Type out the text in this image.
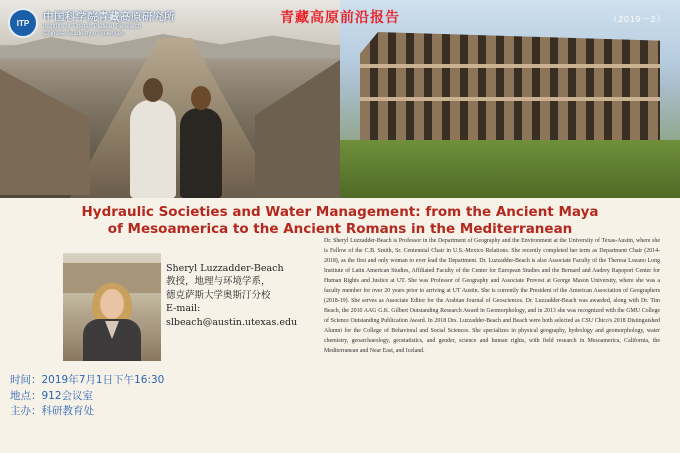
ITP
中国科学院青藏高原研究所
Institute of Tibetan Plateau Research
Chinese Academy of Sciences
青藏高原前沿报告	（2019－2）
Hydraulic Societies and Water Management: from the Ancient Maya
of Mesoamerica to the Ancient Romans in the Mediterranean
Sheryl Luzzadder-Beach
教授，地理与环境学系，
德克萨斯大学奥斯汀分校
E-mail:
slbeach@austin.utexas.edu
时间：2019年7月1日下午16:30
地点：912会议室
主办：科研教育处
Dr. Sheryl Luzzadder-Beach is Professor in the Department of Geography and the Environment at the University of Texas-Austin, where she is Fellow of the C.B. Smith, Sr. Centennial Chair in U.S.-Mexico Relations. She recently completed her term as Department Chair (2014-2018), as the first and only woman to ever lead the Department. Dr. Luzzadder-Beach is also Associate Faculty of the Theresa Lozano Long Institute of Latin American Studies, Affiliated Faculty of the Center for European Studies and the Bernard and Audrey Rapoport Center for Human Rights and Justice at UT. She was Professor of Geography and Associate Provost at George Mason University, where she was a faculty member for over 20 years prior to arriving at UT Austin. She is currently the President of the American Association of Geographers (2018-19). She serves as Associate Editor for the Arabian Journal of Geosciences. Dr. Luzzadder-Beach was awarded, along with Dr. Tim Beach, the 2010 AAG G.K. Gilbert Outstanding Research Award in Geomorphology, and in 2013 she was recognized with the GMU College of Science Outstanding Publication Award. In 2018 Drs. Luzzadder-Beach and Beach were both selected as CSU Chico's 2018 Distinguished Alumni for the College of Behavioral and Social Sciences. She specializes in physical geography, hydrology and geomorphology, water chemistry, geoarchaeology, geostatistics, and gender, science and human rights, with field research in Mesoamerica, California, the Mediterranean and Near East, and Iceland.
